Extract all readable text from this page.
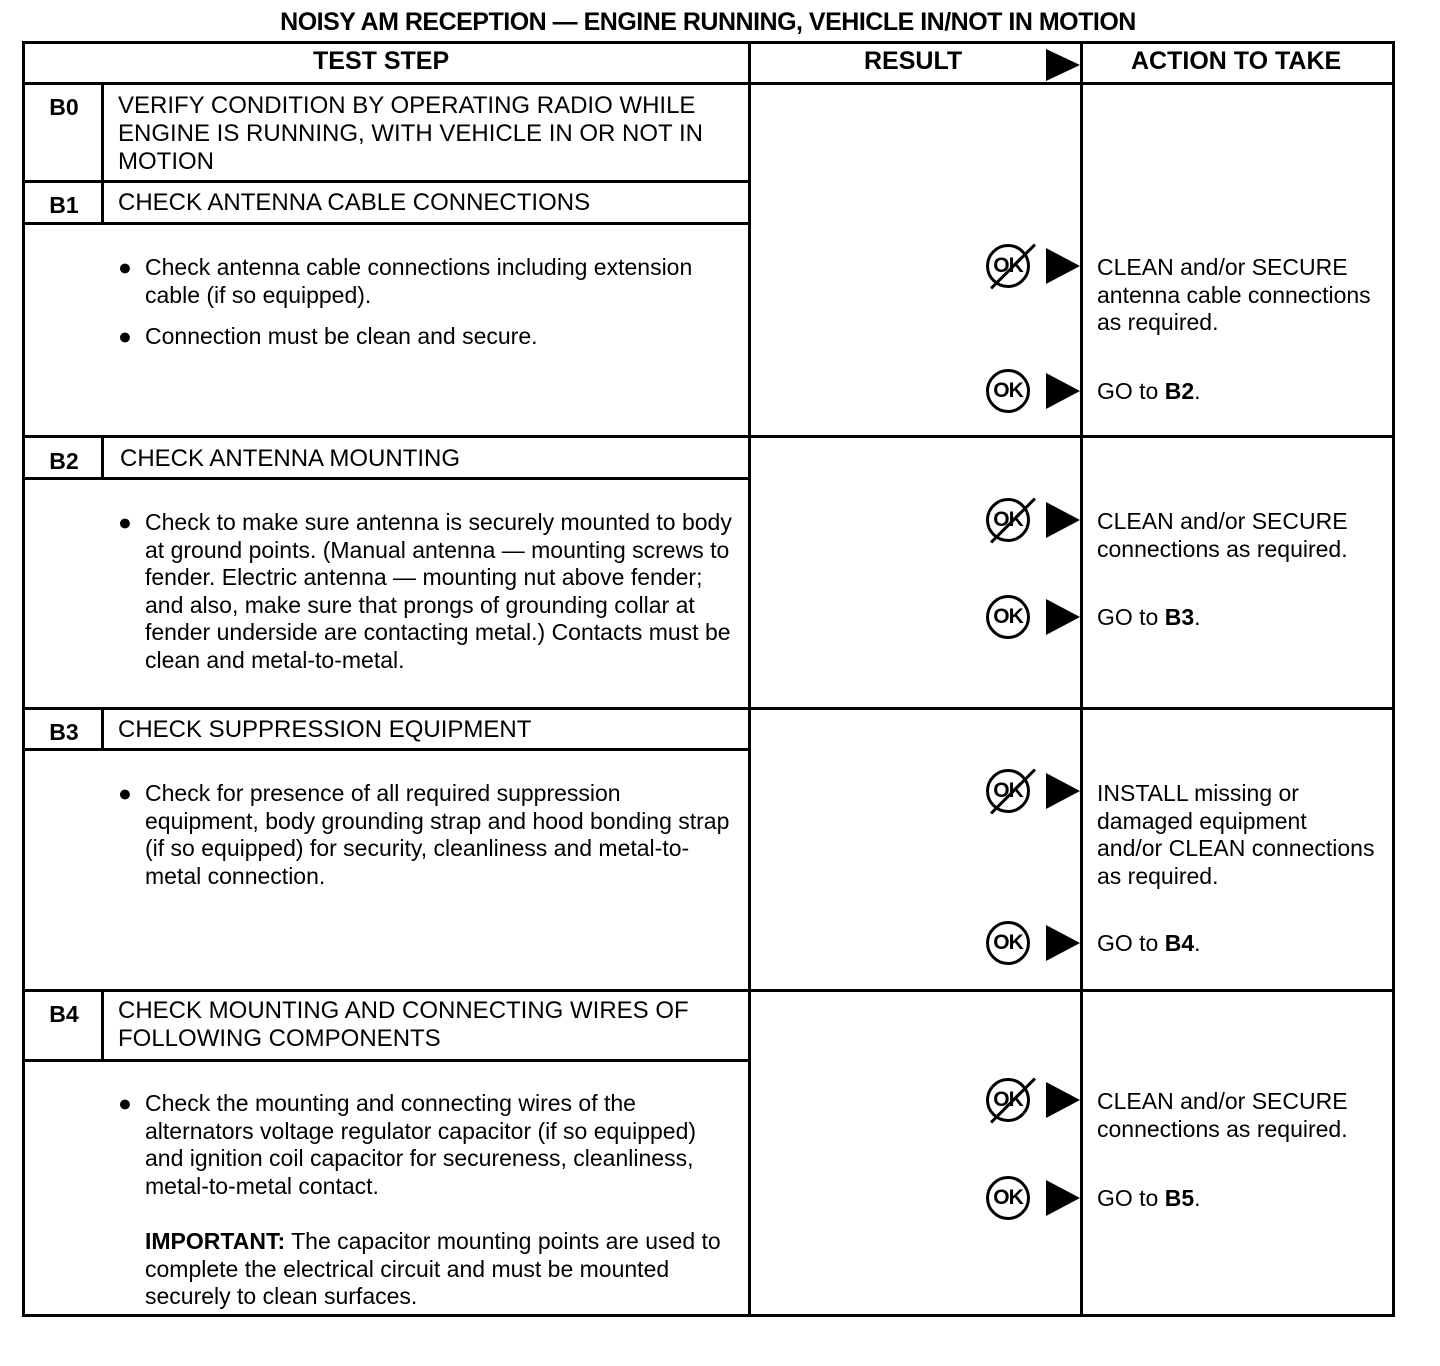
NOISY AM RECEPTION — ENGINE RUNNING, VEHICLE IN/NOT IN MOTION
TEST STEP	RESULT	ACTION TO TAKE
B0	VERIFY CONDITION BY OPERATING RADIO WHILE ENGINE IS RUNNING, WITH VEHICLE IN OR NOT IN MOTION
B1	CHECK ANTENNA CABLE CONNECTIONS
● Check antenna cable connections including extension cable (if so equipped).
● Connection must be clean and secure.
OK	CLEAN and/or SECURE antenna cable connections as required.
OK	GO to B2.
B2	CHECK ANTENNA MOUNTING
● Check to make sure antenna is securely mounted to body at ground points. (Manual antenna — mounting screws to fender. Electric antenna — mounting nut above fender; and also, make sure that prongs of grounding collar at fender underside are contacting metal.) Contacts must be clean and metal-to-metal.
OK	CLEAN and/or SECURE connections as required.
OK	GO to B3.
B3	CHECK SUPPRESSION EQUIPMENT
● Check for presence of all required suppression equipment, body grounding strap and hood bonding strap (if so equipped) for security, cleanliness and metal-to-metal connection.
OK	INSTALL missing or damaged equipment and/or CLEAN connections as required.
OK	GO to B4.
B4	CHECK MOUNTING AND CONNECTING WIRES OF FOLLOWING COMPONENTS
● Check the mounting and connecting wires of the alternators voltage regulator capacitor (if so equipped) and ignition coil capacitor for secureness, cleanliness, metal-to-metal contact.
IMPORTANT: The capacitor mounting points are used to complete the electrical circuit and must be mounted securely to clean surfaces.
OK	CLEAN and/or SECURE connections as required.
OK	GO to B5.
